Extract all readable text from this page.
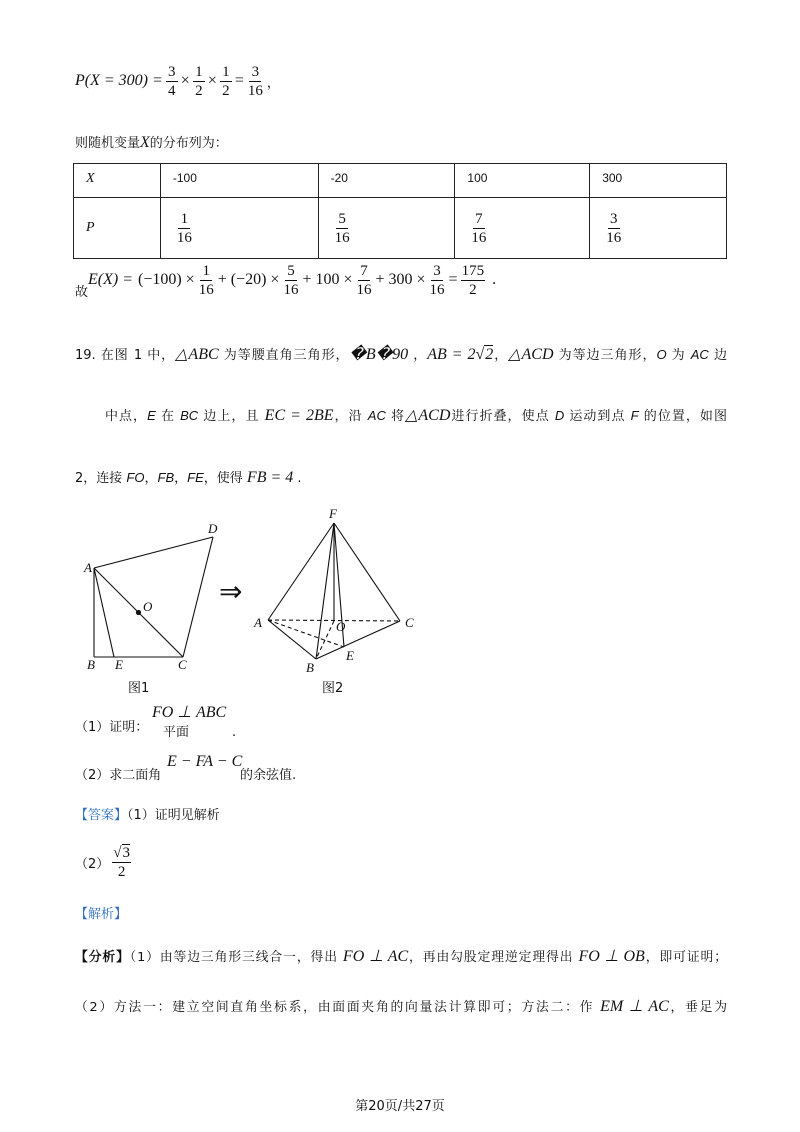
$P(X = 300) = \frac{3}{4} \times \frac{1}{2} \times \frac{1}{2} = \frac{3}{16}$ ，
则随机变量X的分布列为：
X	-100	-20	100	300
P	$\frac{1}{16}$	$\frac{5}{16}$	$\frac{7}{16}$	$\frac{3}{16}$
故
$E(X) = (-100) \times \frac{1}{16} + (-20) \times \frac{5}{16} + 100 \times \frac{7}{16} + 300 \times \frac{3}{16} = \frac{175}{2}$ .
19. 在图 1 中，△ABC 为等腰直角三角形，�B�90 ，AB = 2√2，△ACD 为等边三角形，O 为 AC 边
中点，E 在 BC 边上，且 EC = 2BE，沿 AC 将△ACD进行折叠，使点 D 运动到点 F 的位置，如图
2，连接 FO，FB，FE，使得 FB = 4 .
D
A
O
B E	C
图1
⇒
F
A	C
O
B
E
图2
（1）证明：
FO ⊥
平面
ABC
.
（2）求二面角
E − FA − C
的余弦值.
【答案】（1）证明见解析
$(2) \frac{√3}{2}$
【解析】
【分析】（1）由等边三角形三线合一，得出 FO ⊥ AC，再由勾股定理逆定理得出 FO ⊥ OB，即可证明；
（2）方法一：建立空间直角坐标系，由面面夹角的向量法计算即可；方法二：作 EM ⊥ AC，垂足为
第20页/共27页
